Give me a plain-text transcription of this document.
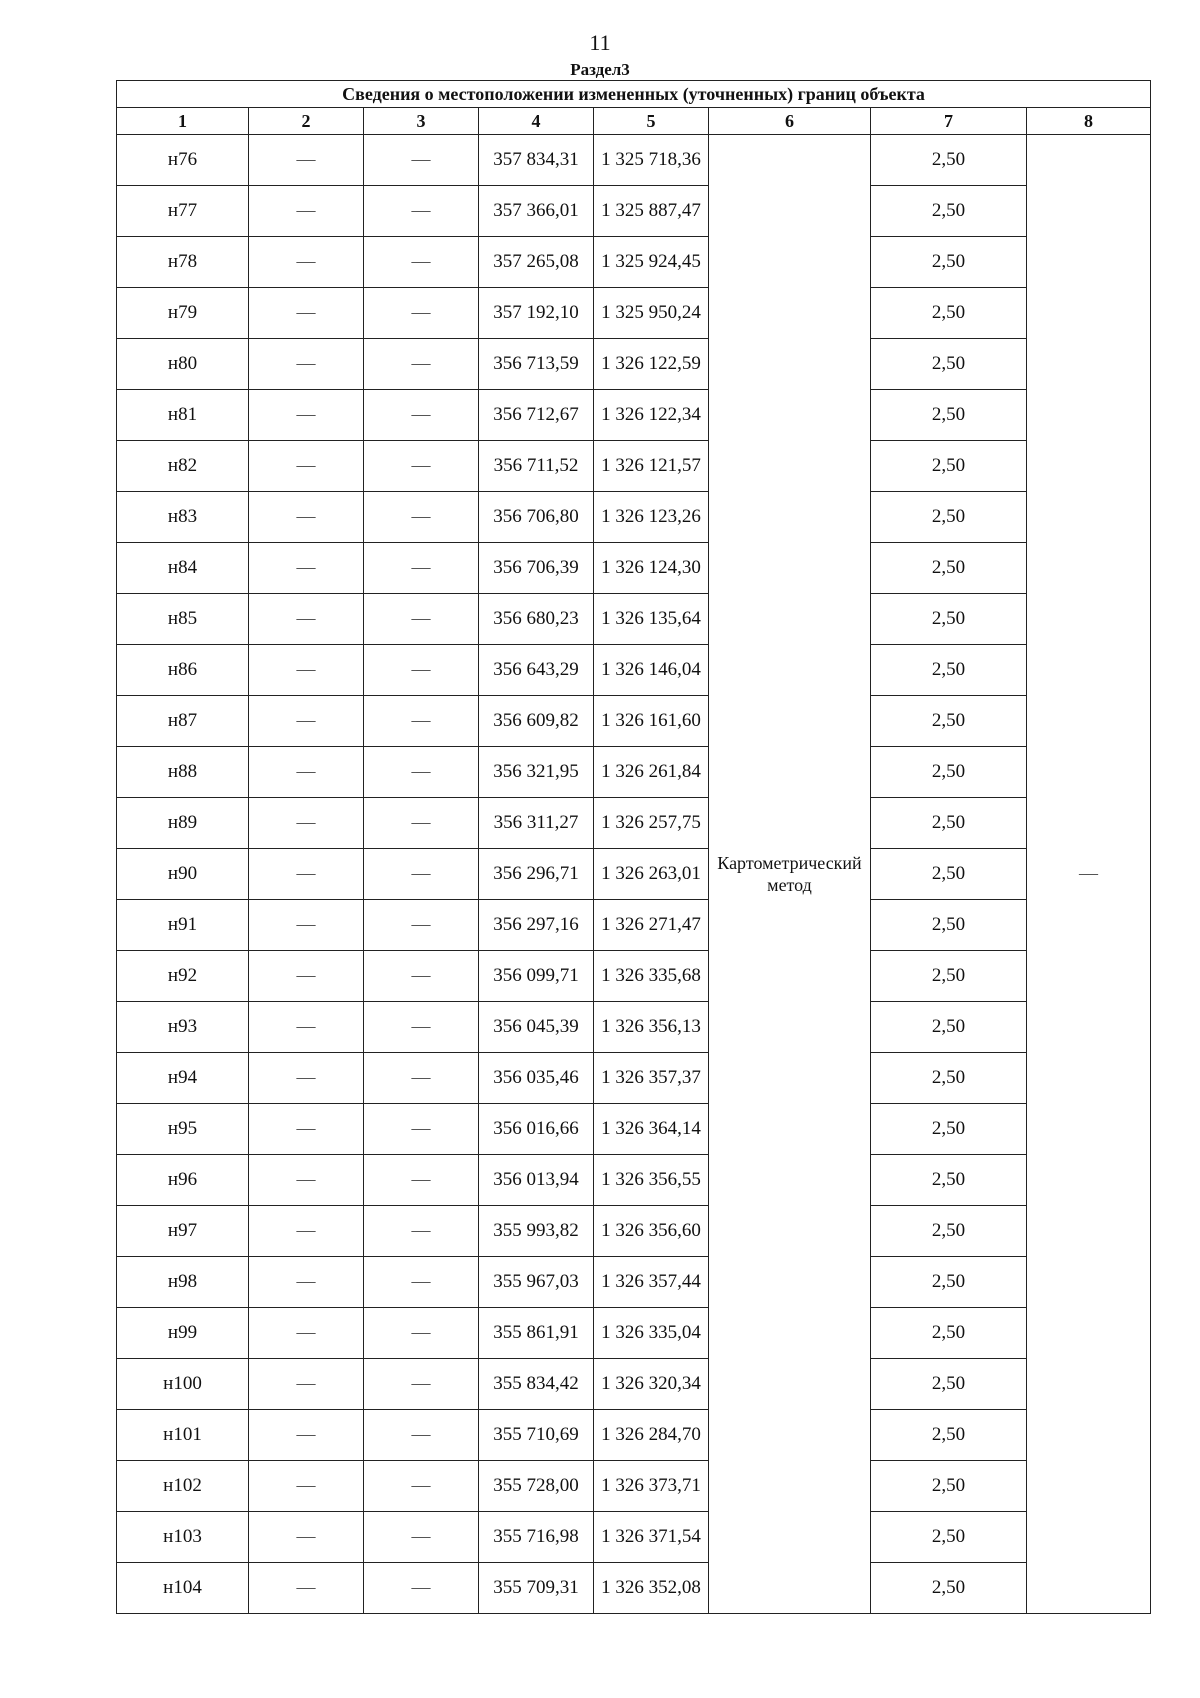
11
Раздел3
Сведения о местоположении измененных (уточненных) границ объекта							
1	2	3	4	5	6	7	8
н76	—	—	357 834,31	1 325 718,36	Картометрический метод	2,50	—
н77	—	—	357 366,01	1 325 887,47		2,50	
н78	—	—	357 265,08	1 325 924,45		2,50	
н79	—	—	357 192,10	1 325 950,24		2,50	
н80	—	—	356 713,59	1 326 122,59		2,50	
н81	—	—	356 712,67	1 326 122,34		2,50	
н82	—	—	356 711,52	1 326 121,57		2,50	
н83	—	—	356 706,80	1 326 123,26		2,50	
н84	—	—	356 706,39	1 326 124,30		2,50	
н85	—	—	356 680,23	1 326 135,64		2,50	
н86	—	—	356 643,29	1 326 146,04		2,50	
н87	—	—	356 609,82	1 326 161,60		2,50	
н88	—	—	356 321,95	1 326 261,84		2,50	
н89	—	—	356 311,27	1 326 257,75		2,50	
н90	—	—	356 296,71	1 326 263,01		2,50	
н91	—	—	356 297,16	1 326 271,47		2,50	
н92	—	—	356 099,71	1 326 335,68		2,50	
н93	—	—	356 045,39	1 326 356,13		2,50	
н94	—	—	356 035,46	1 326 357,37		2,50	
н95	—	—	356 016,66	1 326 364,14		2,50	
н96	—	—	356 013,94	1 326 356,55		2,50	
н97	—	—	355 993,82	1 326 356,60		2,50	
н98	—	—	355 967,03	1 326 357,44		2,50	
н99	—	—	355 861,91	1 326 335,04		2,50	
н100	—	—	355 834,42	1 326 320,34		2,50	
н101	—	—	355 710,69	1 326 284,70		2,50	
н102	—	—	355 728,00	1 326 373,71		2,50	
н103	—	—	355 716,98	1 326 371,54		2,50	
н104	—	—	355 709,31	1 326 352,08		2,50	
